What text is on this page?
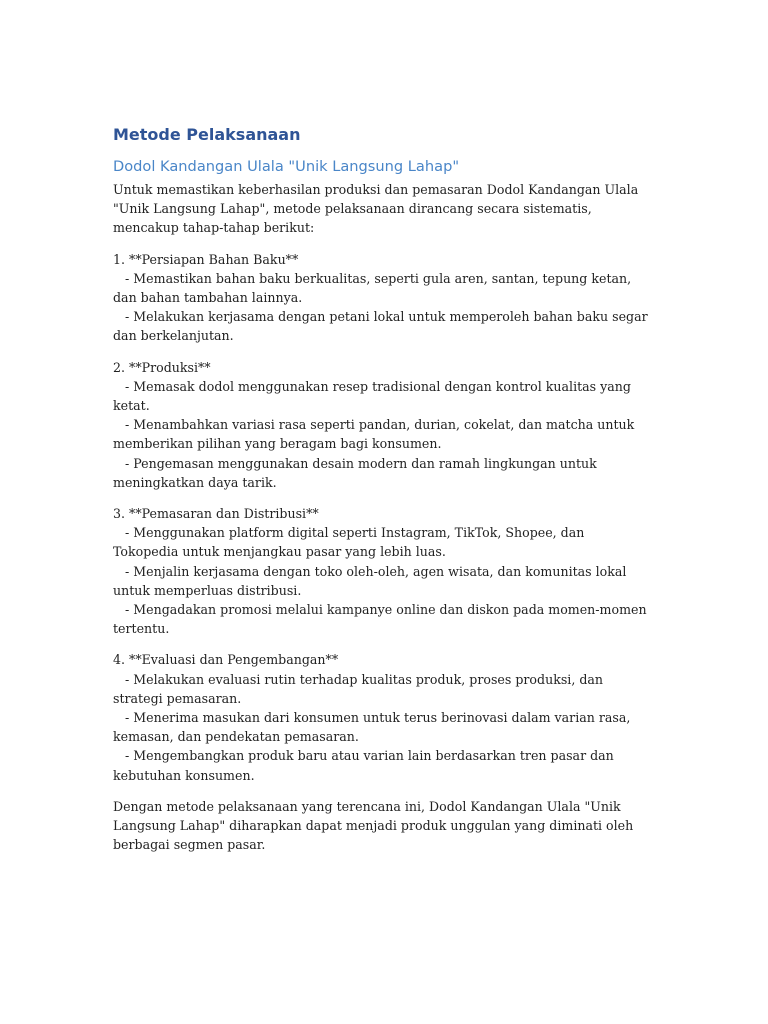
Metode Pelaksanaan
Dodol Kandangan Ulala "Unik Langsung Lahap"

Untuk memastikan keberhasilan produksi dan pemasaran Dodol Kandangan Ulala "Unik Langsung Lahap", metode pelaksanaan dirancang secara sistematis, mencakup tahap-tahap berikut:

1. **Persiapan Bahan Baku**
- Memastikan bahan baku berkualitas, seperti gula aren, santan, tepung ketan, dan bahan tambahan lainnya.
- Melakukan kerjasama dengan petani lokal untuk memperoleh bahan baku segar dan berkelanjutan.
2. **Produksi**
- Memasak dodol menggunakan resep tradisional dengan kontrol kualitas yang ketat.
- Menambahkan variasi rasa seperti pandan, durian, cokelat, dan matcha untuk memberikan pilihan yang beragam bagi konsumen.
- Pengemasan menggunakan desain modern dan ramah lingkungan untuk meningkatkan daya tarik.
3. **Pemasaran dan Distribusi**
- Menggunakan platform digital seperti Instagram, TikTok, Shopee, dan Tokopedia untuk menjangkau pasar yang lebih luas.
- Menjalin kerjasama dengan toko oleh-oleh, agen wisata, dan komunitas lokal untuk memperluas distribusi.
- Mengadakan promosi melalui kampanye online dan diskon pada momen-momen tertentu.
4. **Evaluasi dan Pengembangan**
- Melakukan evaluasi rutin terhadap kualitas produk, proses produksi, dan strategi pemasaran.
- Menerima masukan dari konsumen untuk terus berinovasi dalam varian rasa, kemasan, dan pendekatan pemasaran.
- Mengembangkan produk baru atau varian lain berdasarkan tren pasar dan kebutuhan konsumen.

Dengan metode pelaksanaan yang terencana ini, Dodol Kandangan Ulala "Unik Langsung Lahap" diharapkan dapat menjadi produk unggulan yang diminati oleh berbagai segmen pasar.
